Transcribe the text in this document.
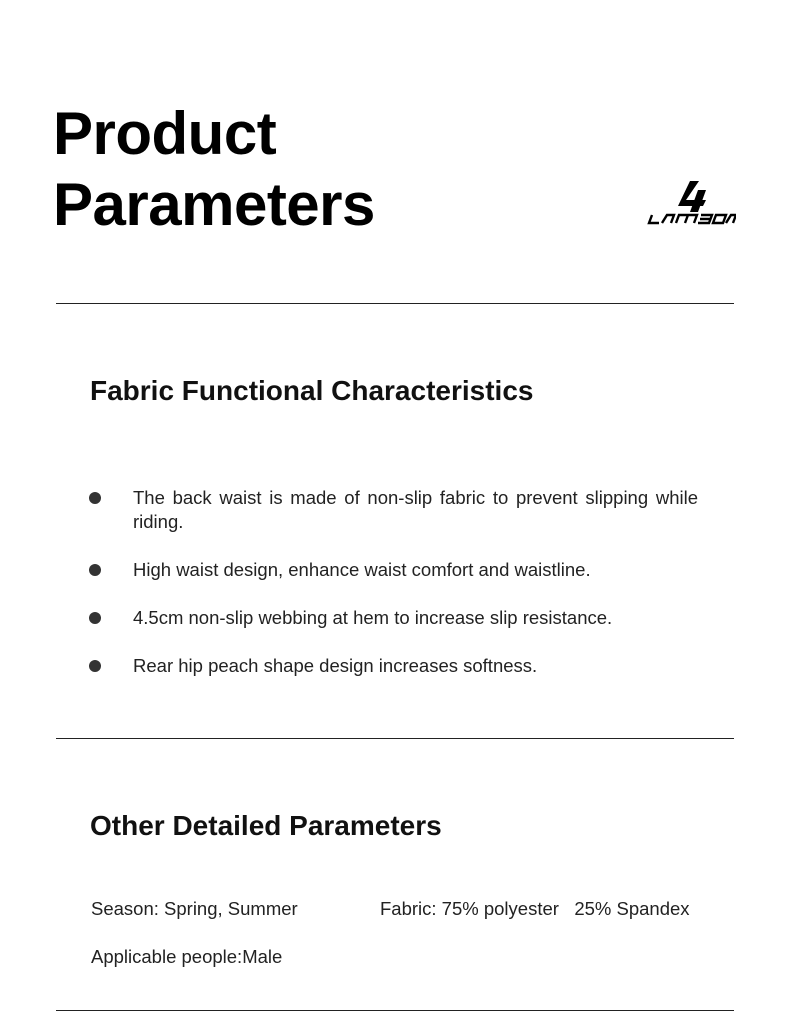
Product
Parameters
Fabric Functional Characteristics
The back waist is made of non-slip fabric to prevent slipping while riding.
High waist design, enhance waist comfort and waistline.
4.5cm non-slip webbing at hem to increase slip resistance.
Rear hip peach shape design increases softness.
Other Detailed Parameters
Season: Spring, Summer	Fabric: 75% polyester   25% Spandex
Applicable people:Male
